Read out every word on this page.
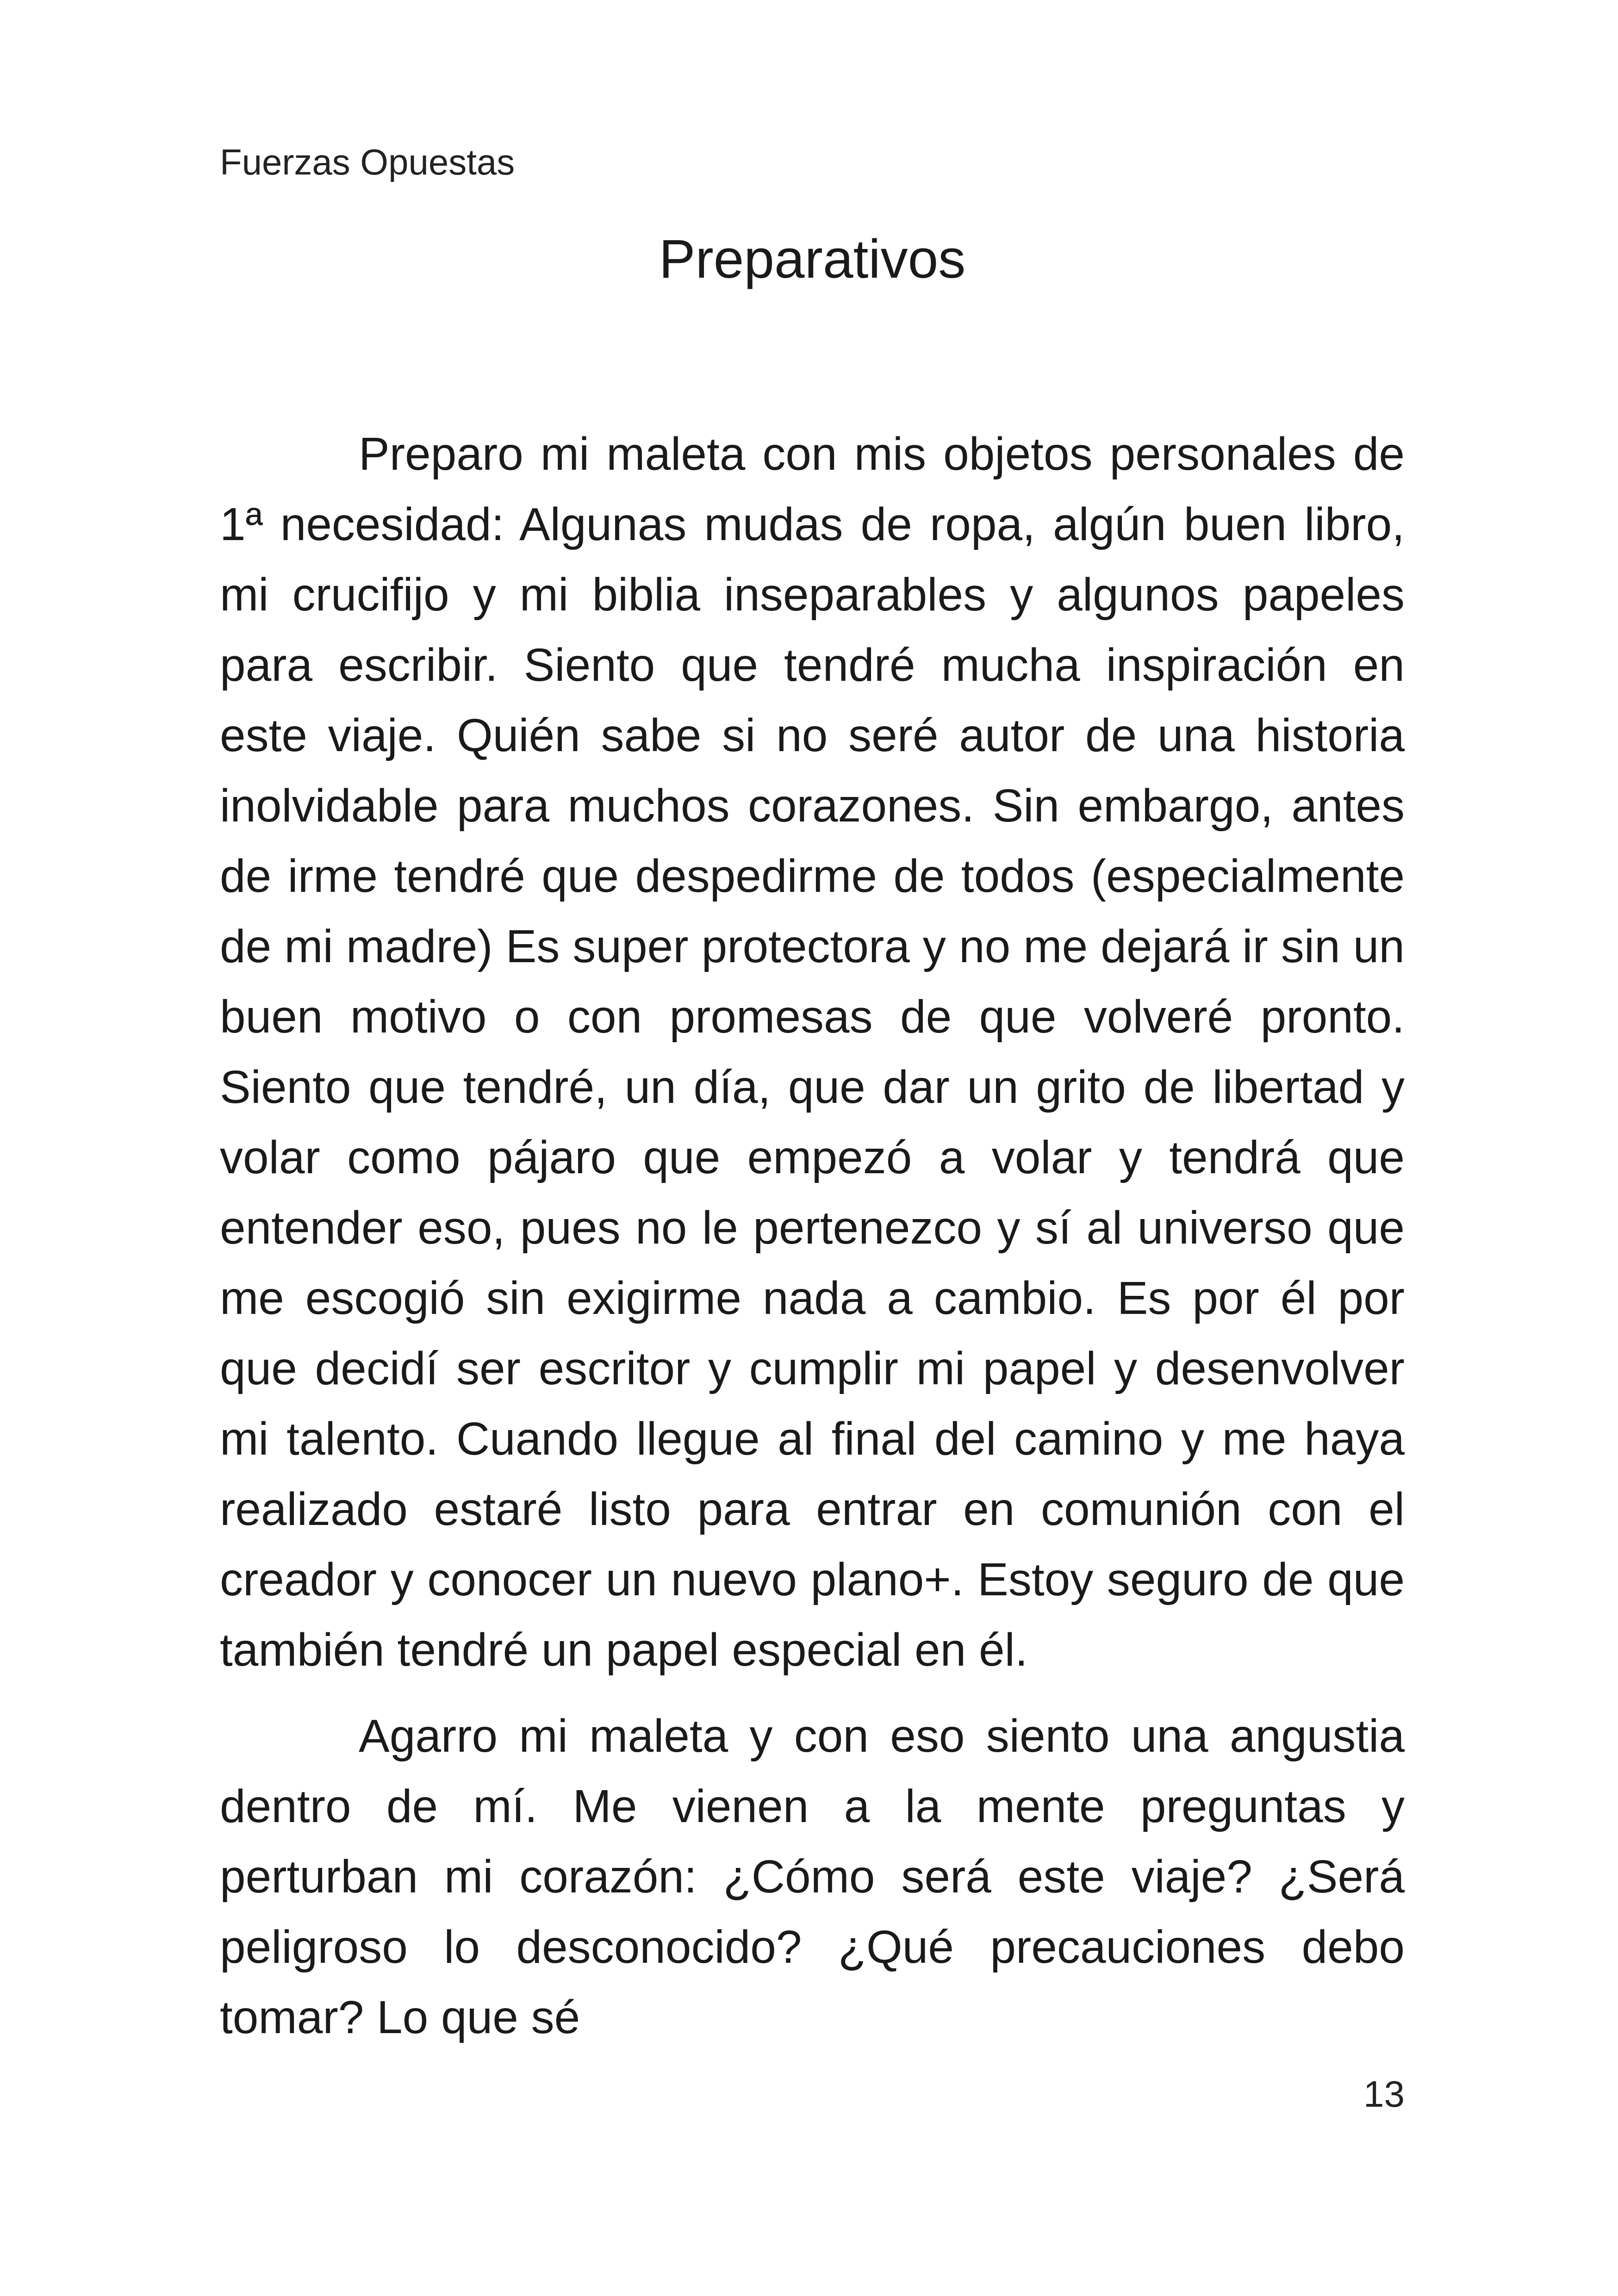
Fuerzas Opuestas
Preparativos

Preparo mi maleta con mis objetos personales de 1ª necesidad: Algunas mudas de ropa, algún buen libro, mi crucifijo y mi biblia inseparables y algunos papeles para escribir. Siento que tendré mucha inspiración en este viaje. Quién sabe si no seré autor de una historia inolvidable para muchos corazones. Sin embargo, antes de irme tendré que despedirme de todos (especialmente de mi madre) Es super protectora y no me dejará ir sin un buen motivo o con promesas de que volveré pronto. Siento que tendré, un día, que dar un grito de libertad y volar como pájaro que empezó a volar y tendrá que entender eso, pues no le pertenezco y sí al universo que me escogió sin exigirme nada a cambio. Es por él por que decidí ser escritor y cumplir mi papel y desenvolver mi talento. Cuando llegue al final del camino y me haya realizado estaré listo para entrar en comunión con el creador y conocer un nuevo plano+. Estoy seguro de que también tendré un papel especial en él.

Agarro mi maleta y con eso siento una angustia dentro de mí. Me vienen a la mente preguntas y perturban mi corazón: ¿Cómo será este viaje? ¿Será peligroso lo desconocido? ¿Qué precauciones debo tomar? Lo que sé

13
